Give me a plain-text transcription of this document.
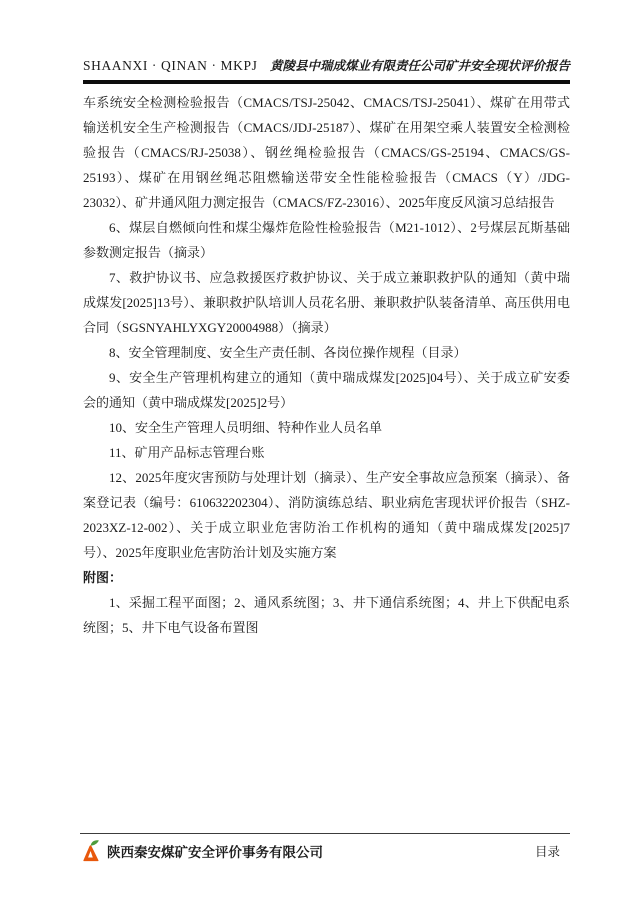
SHAANXI · QINAN · MKPJ 黄陵县中瑞成煤业有限责任公司矿井安全现状评价报告
车系统安全检测检验报告（CMACS/TSJ-25042、CMACS/TSJ-25041）、煤矿在用带式输送机安全生产检测报告（CMACS/JDJ-25187）、煤矿在用架空乘人装置安全检测检验报告（CMACS/RJ-25038）、钢丝绳检验报告（CMACS/GS-25194、CMACS/GS-25193）、煤矿在用钢丝绳芯阻燃输送带安全性能检验报告（CMACS（Y）/JDG-23032）、矿井通风阻力测定报告（CMACS/FZ-23016）、2025年度反风演习总结报告
6、煤层自燃倾向性和煤尘爆炸危险性检验报告（M21-1012）、2号煤层瓦斯基础参数测定报告（摘录）
7、救护协议书、应急救援医疗救护协议、关于成立兼职救护队的通知（黄中瑞成煤发[2025]13号）、兼职救护队培训人员花名册、兼职救护队装备清单、高压供用电合同（SGSNYAHLYXGY20004988）（摘录）
8、安全管理制度、安全生产责任制、各岗位操作规程（目录）
9、安全生产管理机构建立的通知（黄中瑞成煤发[2025]04号）、关于成立矿安委会的通知（黄中瑞成煤发[2025]2号）
10、安全生产管理人员明细、特种作业人员名单
11、矿用产品标志管理台账
12、2025年度灾害预防与处理计划（摘录）、生产安全事故应急预案（摘录）、备案登记表（编号：610632202304）、消防演练总结、职业病危害现状评价报告（SHZ-2023XZ-12-002）、关于成立职业危害防治工作机构的通知（黄中瑞成煤发[2025]7号）、2025年度职业危害防治计划及实施方案
附图：
1、采掘工程平面图；2、通风系统图；3、井下通信系统图；4、井上下供配电系统图；5、井下电气设备布置图
陕西秦安煤矿安全评价事务有限公司	目录
